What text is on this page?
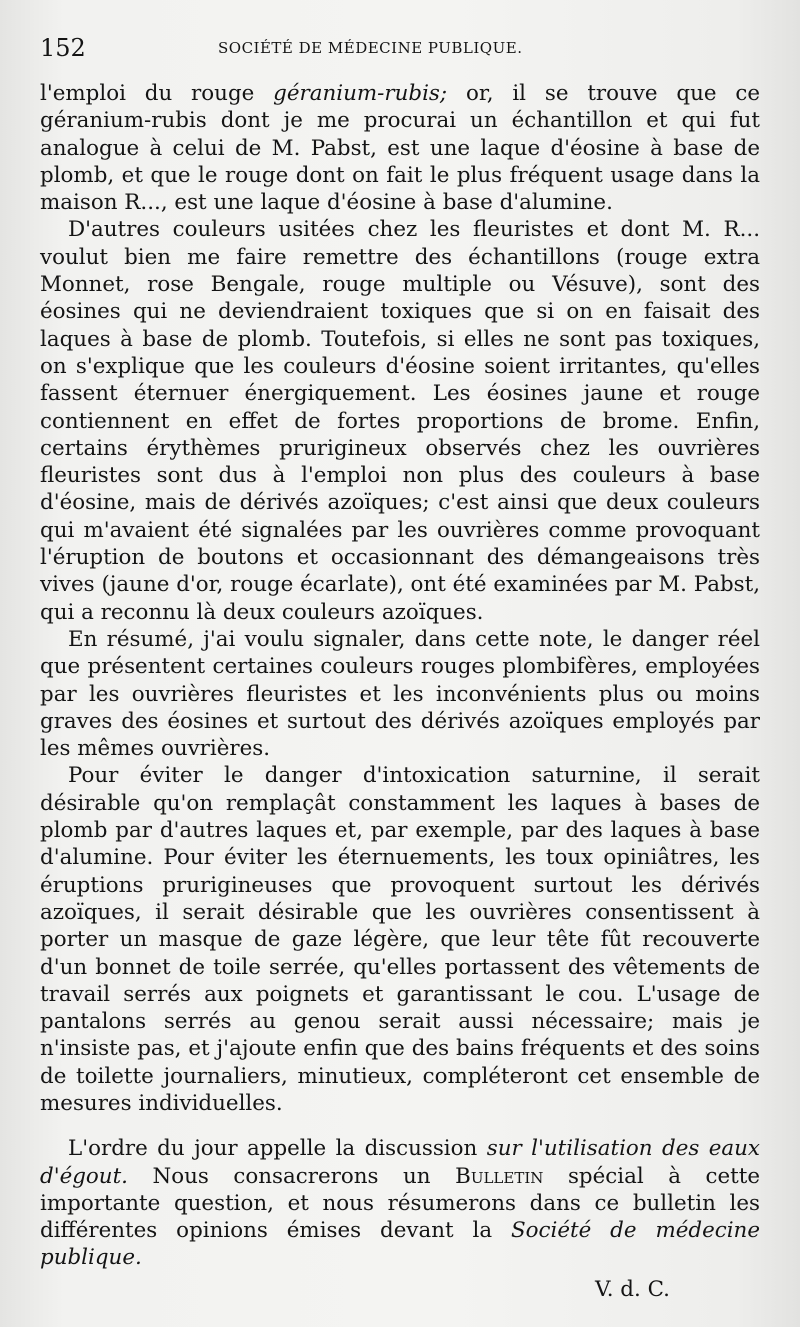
152	SOCIÉTÉ DE MÉDECINE PUBLIQUE.

l'emploi du rouge géranium-rubis; or, il se trouve que ce géranium-rubis dont je me procurai un échantillon et qui fut analogue à celui de M. Pabst, est une laque d'éosine à base de plomb, et que le rouge dont on fait le plus fréquent usage dans la maison R..., est une laque d'éosine à base d'alumine.

D'autres couleurs usitées chez les fleuristes et dont M. R... voulut bien me faire remettre des échantillons (rouge extra Monnet, rose Bengale, rouge multiple ou Vésuve), sont des éosines qui ne deviendraient toxiques que si on en faisait des laques à base de plomb. Toutefois, si elles ne sont pas toxiques, on s'explique que les couleurs d'éosine soient irritantes, qu'elles fassent éternuer énergiquement. Les éosines jaune et rouge contiennent en effet de fortes proportions de brome. Enfin, certains érythèmes prurigineux observés chez les ouvrières fleuristes sont dus à l'emploi non plus des couleurs à base d'éosine, mais de dérivés azoïques; c'est ainsi que deux couleurs qui m'avaient été signalées par les ouvrières comme provoquant l'éruption de boutons et occasionnant des démangeaisons très vives (jaune d'or, rouge écarlate), ont été examinées par M. Pabst, qui a reconnu là deux couleurs azoïques.

En résumé, j'ai voulu signaler, dans cette note, le danger réel que présentent certaines couleurs rouges plombifères, employées par les ouvrières fleuristes et les inconvénients plus ou moins graves des éosines et surtout des dérivés azoïques employés par les mêmes ouvrières.

Pour éviter le danger d'intoxication saturnine, il serait désirable qu'on remplaçât constamment les laques à bases de plomb par d'autres laques et, par exemple, par des laques à base d'alumine. Pour éviter les éternuements, les toux opiniâtres, les éruptions prurigineuses que provoquent surtout les dérivés azoïques, il serait désirable que les ouvrières consentissent à porter un masque de gaze légère, que leur tête fût recouverte d'un bonnet de toile serrée, qu'elles portassent des vêtements de travail serrés aux poignets et garantissant le cou. L'usage de pantalons serrés au genou serait aussi nécessaire; mais je n'insiste pas, et j'ajoute enfin que des bains fréquents et des soins de toilette journaliers, minutieux, compléteront cet ensemble de mesures individuelles.

L'ordre du jour appelle la discussion sur l'utilisation des eaux d'égout. Nous consacrerons un Bulletin spécial à cette importante question, et nous résumerons dans ce bulletin les différentes opinions émises devant la Société de médecine publique.

V. d. C.
